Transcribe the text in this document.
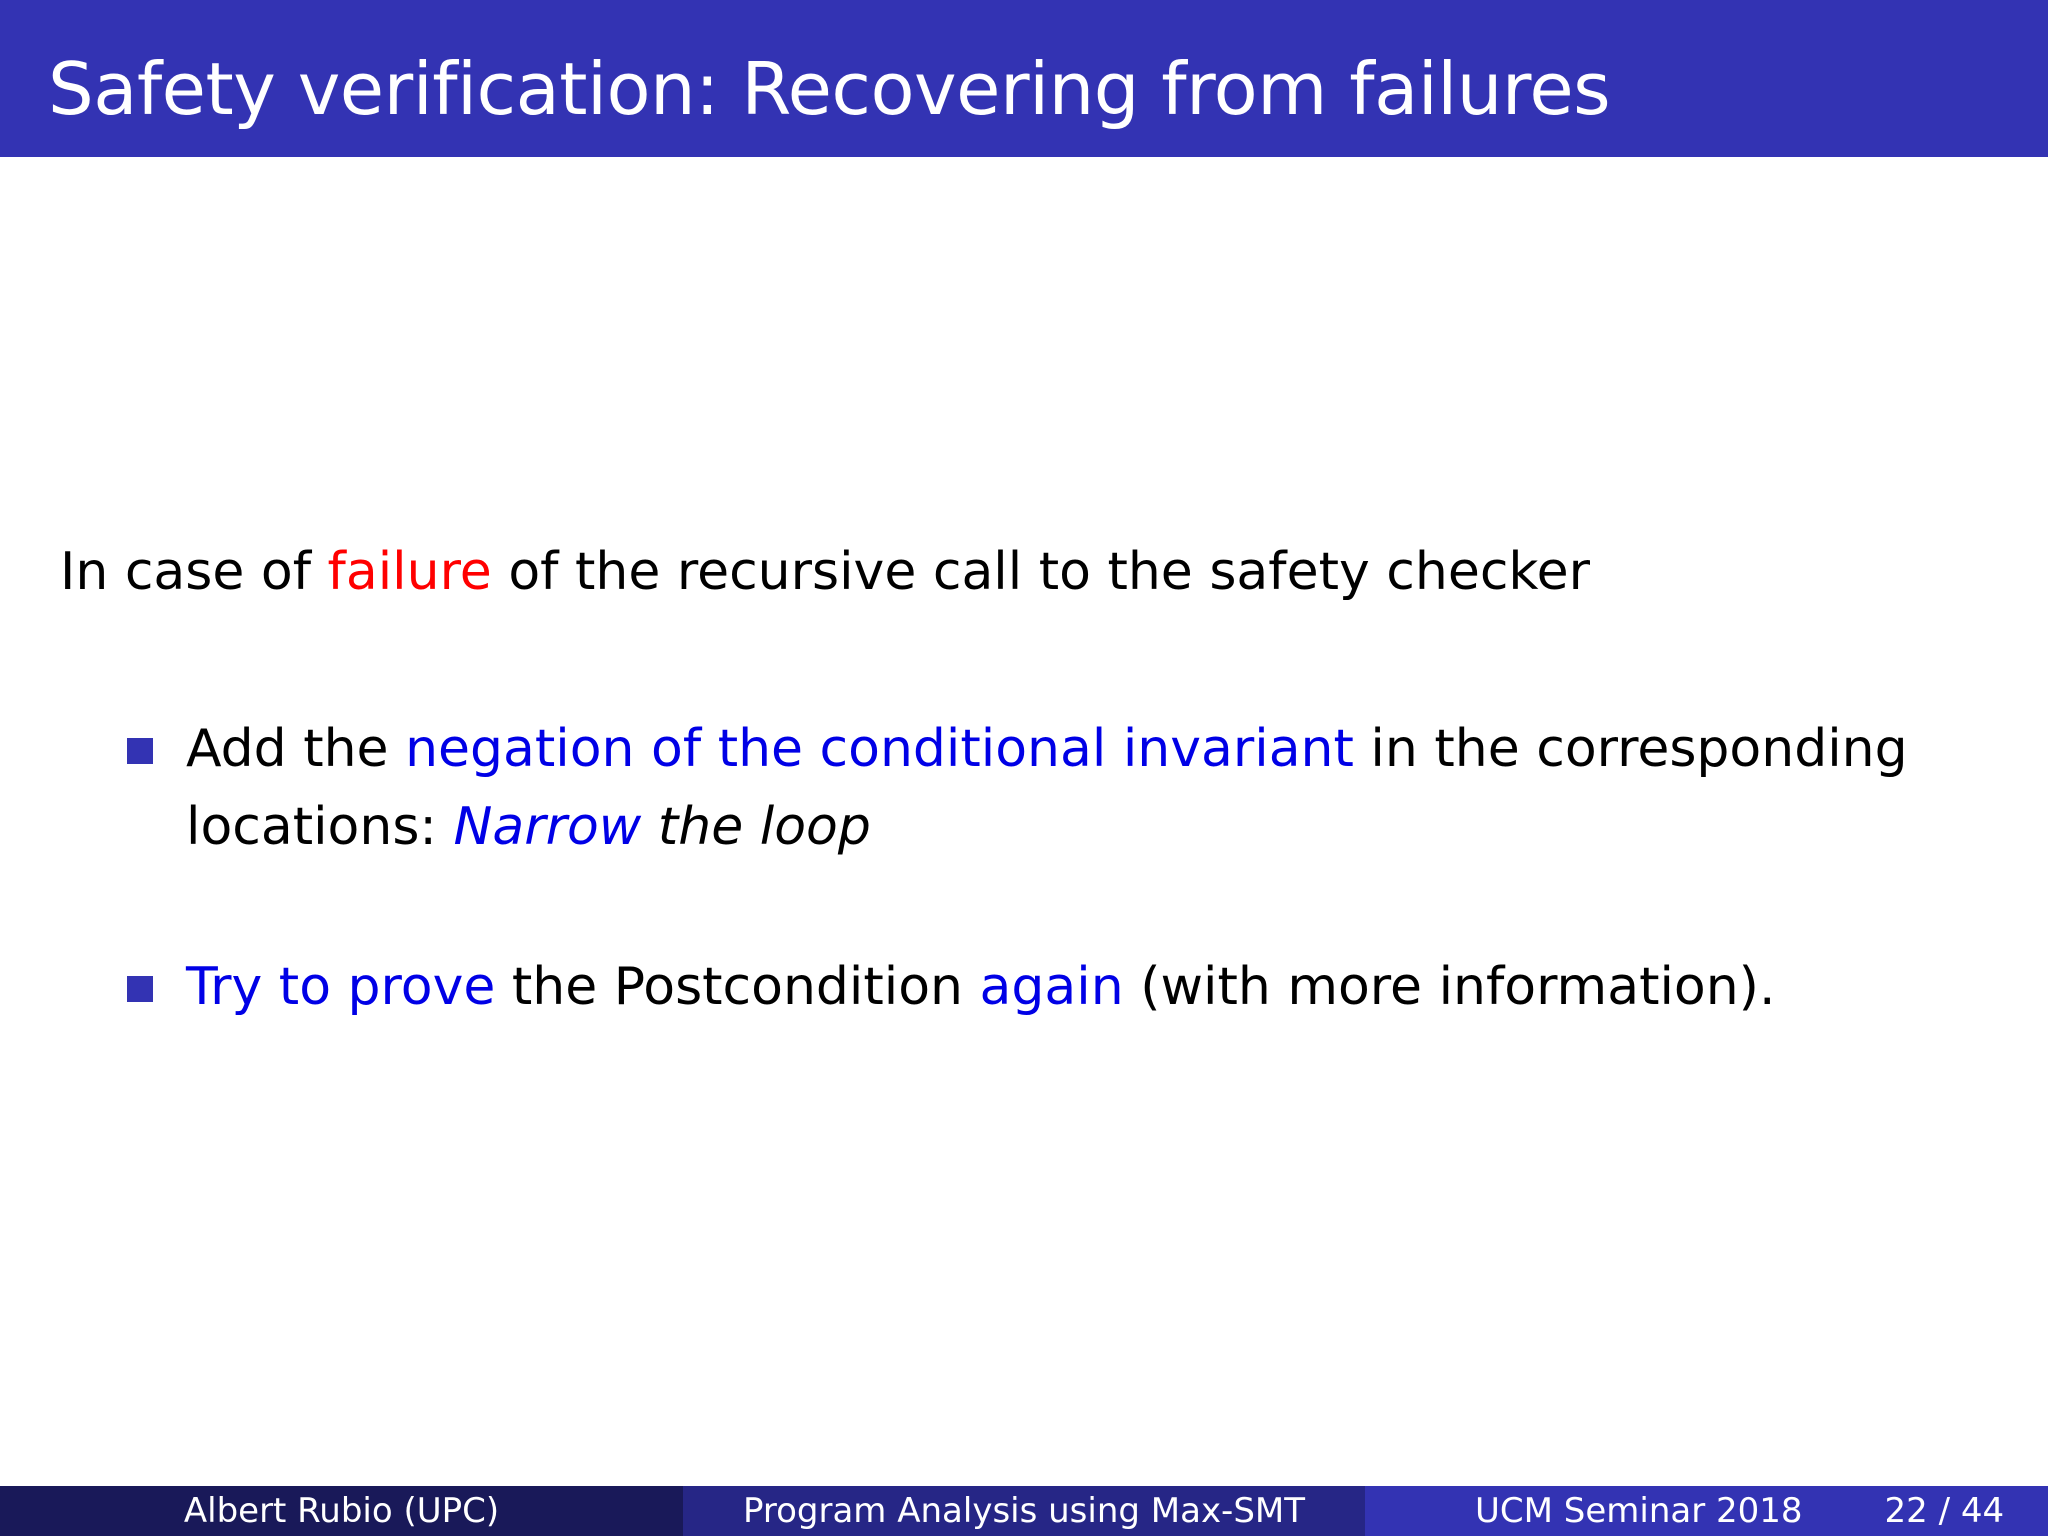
Safety verification: Recovering from failures
In case of failure of the recursive call to the safety checker
Add the negation of the conditional invariant in the corresponding locations: Narrow the loop
Try to prove the Postcondition again (with more information).
Albert Rubio (UPC)	Program Analysis using Max-SMT	UCM Seminar 2018 22 / 44
